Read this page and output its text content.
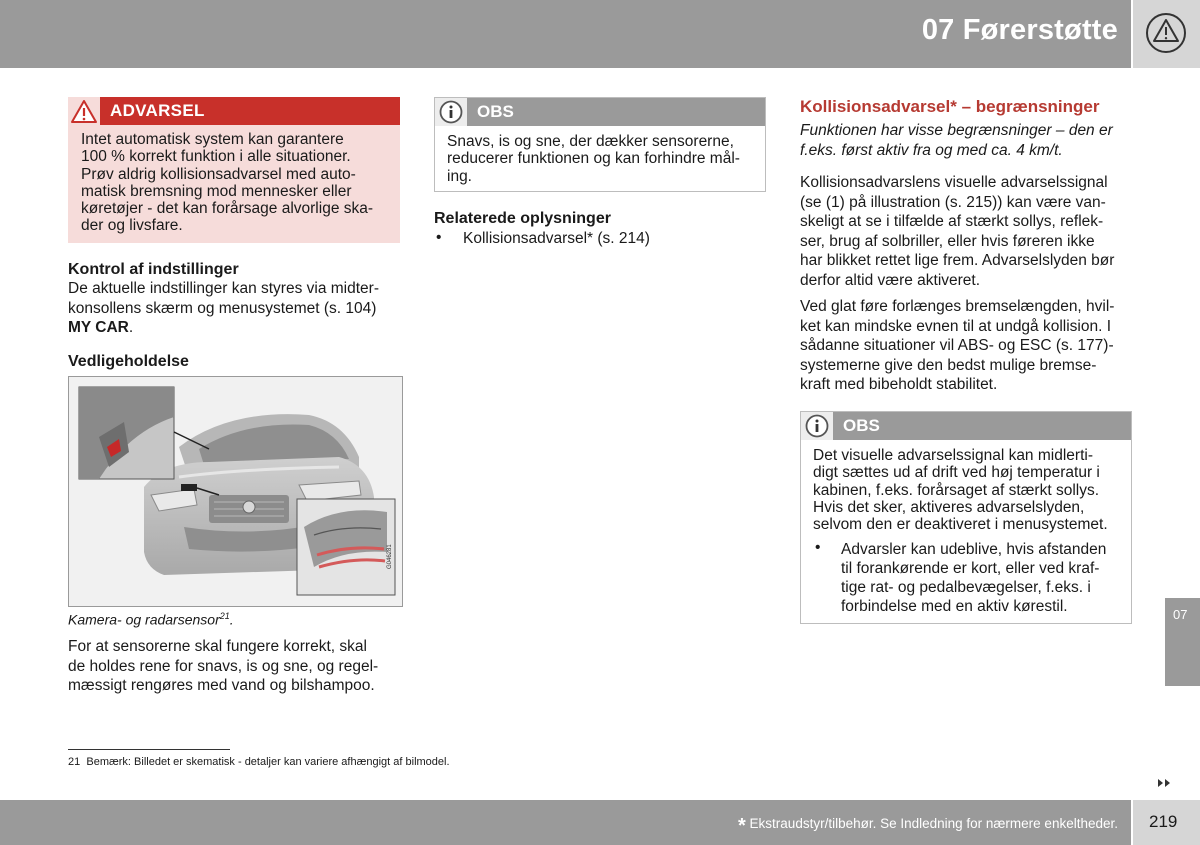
07 Førerstøtte
ADVARSEL
Intet automatisk system kan garantere
100 % korrekt funktion i alle situationer.
Prøv aldrig kollisionsadvarsel med auto-
matisk bremsning mod mennesker eller
køretøjer - det kan forårsage alvorlige ska-
der og livsfare.

Kontrol af indstillinger

De aktuelle indstillinger kan styres via midter-
konsollens skærm og menusystemet (s. 104)
MY CAR.

Vedligeholdelse

G046281
Kamera- og radarsensor$^{21}$.
For at sensorerne skal fungere korrekt, skal
de holdes rene for snavs, is og sne, og regel-
mæssigt rengøres med vand og bilshampoo.
OBS
Snavs, is og sne, der dækker sensorerne,
reducerer funktionen og kan forhindre mål-
ing.

Relaterede oplysninger

• Kollisionsadvarsel* (s. 214)
Kollisionsadvarsel* – begrænsninger
Funktionen har visse begrænsninger – den er
f.eks. først aktiv fra og med ca. 4 km/t.
Kollisionsadvarslens visuelle advarselssignal
(se (1) på illustration (s. 215)) kan være van-
skeligt at se i tilfælde af stærkt sollys, reflek-
ser, brug af solbriller, eller hvis føreren ikke
har blikket rettet lige frem. Advarselslyden bør
derfor altid være aktiveret.
Ved glat føre forlænges bremselængden, hvil-
ket kan mindske evnen til at undgå kollision. I
sådanne situationer vil ABS- og ESC (s. 177)-
systemerne give den bedst mulige bremse-
kraft med bibeholdt stabilitet.
OBS
Det visuelle advarselssignal kan midlerti-
digt sættes ud af drift ved høj temperatur i
kabinen, f.eks. forårsaget af stærkt sollys.
Hvis det sker, aktiveres advarselslyden,
selvom den er deaktiveret i menusystemet.
• Advarsler kan udeblive, hvis afstanden
til forankørende er kort, eller ved kraf-
tige rat- og pedalbevægelser, f.eks. i
forbindelse med en aktiv kørestil.	07
21 Bemærk: Billedet er skematisk - detaljer kan variere afhængigt af bilmodel.
* Ekstraudstyr/tilbehør. Se Indledning for nærmere enkeltheder. 219
